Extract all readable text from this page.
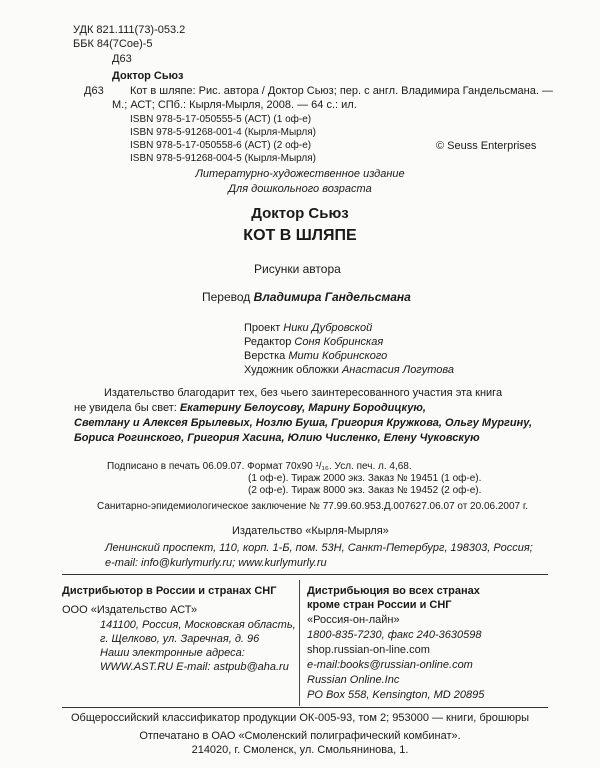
УДК 821.111(73)-053.2
ББК 84(7Сое)-5
Д63
Доктор Сьюз
Д63 Кот в шляпе: Рис. автора / Доктор Сьюз; пер. с англ. Владимира Гандельсмана. —
М.; АСТ; СПб.: Кырля-Мырля, 2008. — 64 с.: ил.
ISBN 978-5-17-050555-5 (АСТ) (1 оф-е)
ISBN 978-5-91268-001-4 (Кырля-Мырля)
ISBN 978-5-17-050558-6 (АСТ) (2 оф-е)
ISBN 978-5-91268-004-5 (Кырля-Мырля)
© Seuss Enterprises
Литературно-художественное издание
Для дошкольного возраста
Доктор Сьюз
КОТ В ШЛЯПЕ
Рисунки автора
Перевод Владимира Гандельсмана
Проект Ники Дубровской
Редактор Соня Кобринская
Верстка Мити Кобринского
Художник обложки Анастасия Логутова
Издательство благодарит тех, без чьего заинтересованного участия эта книга
не увидела бы свет: Екатерину Белоусову, Марину Бородицкую,
Светлану и Алексея Брылевых, Нозлю Буша, Григория Кружкова, Ольгу Мургину,
Бориса Рогинского, Григория Хасина, Юлию Численко, Елену Чуковскую
Подписано в печать 06.09.07. Формат 70х90 ¹/₁₆. Усл. печ. л. 4,68.
(1 оф-е). Тираж 2000 экз. Заказ № 19451 (1 оф-е).
(2 оф-е). Тираж 8000 экз. Заказ № 19452 (2 оф-е).
Санитарно-эпидемиологическое заключение № 77.99.60.953.Д.007627.06.07 от 20.06.2007 г.
Издательство «Кырля-Мырля»
Ленинский проспект, 110, корп. 1-Б, пом. 53Н, Санкт-Петербург, 198303, Россия;
e-mail: info@kurlymurly.ru; www.kurlymurly.ru
Дистрибьютор в России и странах СНГ
ООО «Издательство АСТ»
141100, Россия, Московская область,
г. Щелково, ул. Заречная, д. 96
Наши электронные адреса:
WWW.AST.RU E-mail: astpub@aha.ru
Дистрибьюция во всех странах
кроме стран России и СНГ
«Россия-он-лайн»
1800-835-7230, факс 240-3630598
shop.russian-on-line.com
e-mail:books@russian-online.com
Russian Online.Inc
PO Box 558, Kensington, MD 20895
Общероссийский классификатор продукции ОК-005-93, том 2; 953000 — книги, брошюры
Отпечатано в ОАО «Смоленский полиграфический комбинат».
214020, г. Смоленск, ул. Смольянинова, 1.
